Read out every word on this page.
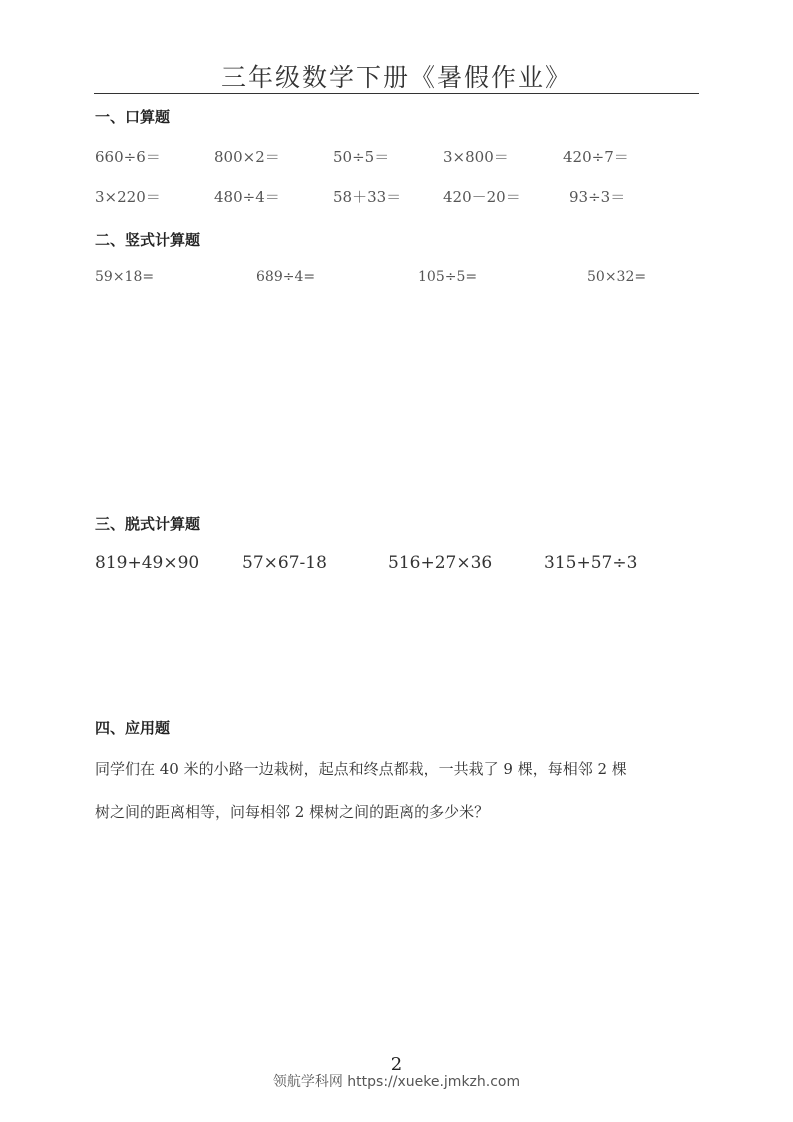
三年级数学下册《暑假作业》
一、口算题
660÷6＝	800×2＝	50÷5＝	3×800＝	420÷7＝
3×220＝	480÷4＝	58＋33＝	420－20＝	93÷3＝
二、竖式计算题
59×18=	689÷4=	105÷5=	50×32=
三、脱式计算题
819+49×90	57×67-18	516+27×36	315+57÷3
四、应用题
同学们在 40 米的小路一边栽树，起点和终点都栽，一共栽了 9 棵，每相邻 2 棵
树之间的距离相等，问每相邻 2 棵树之间的距离的多少米？
2
领航学科网 https://xueke.jmkzh.com
